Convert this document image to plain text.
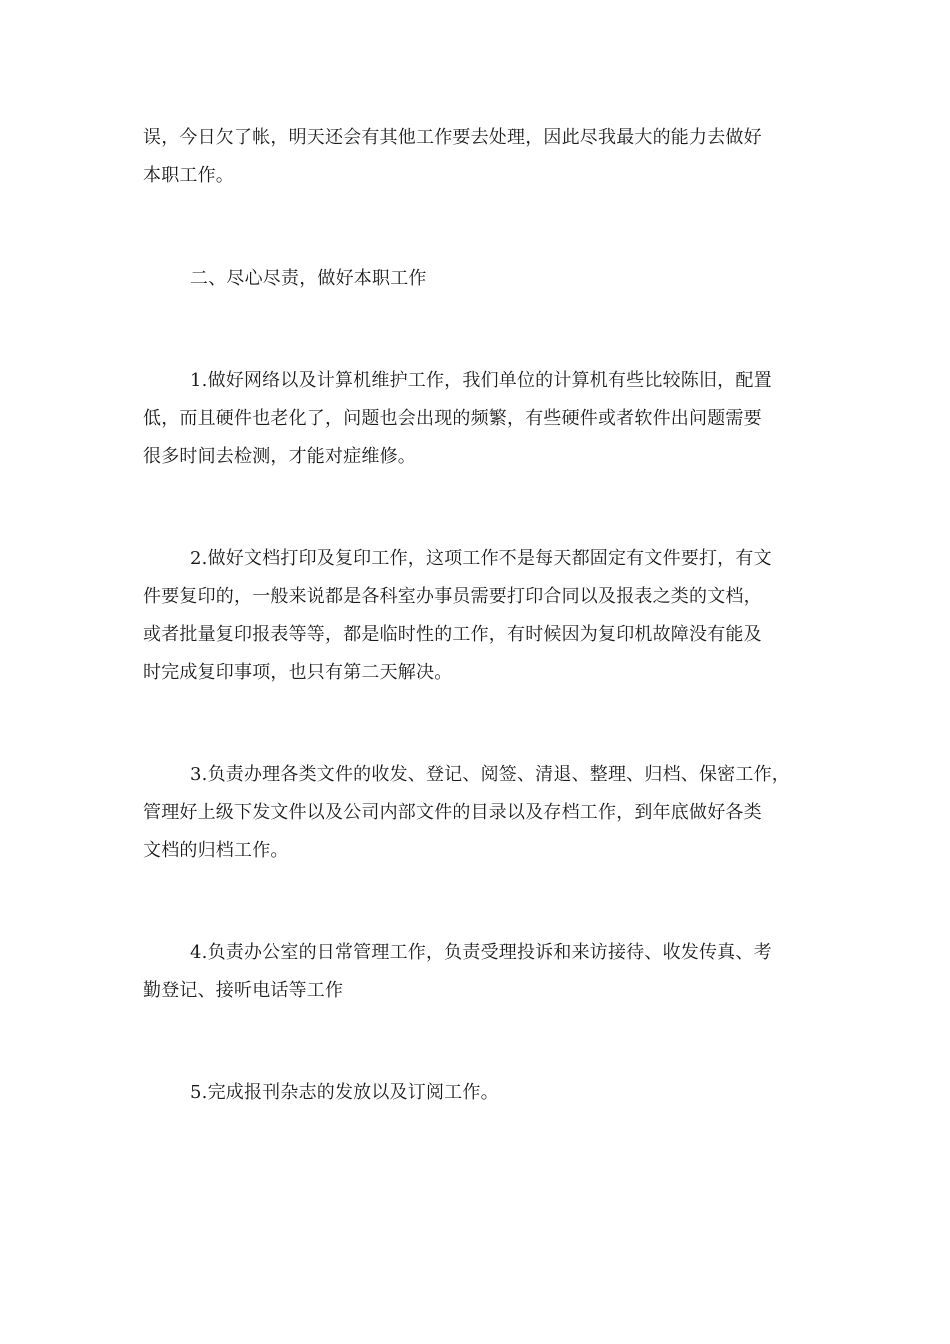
误，今日欠了帐，明天还会有其他工作要去处理，因此尽我最大的能力去做好
本职工作。
二、尽心尽责，做好本职工作
1.做好网络以及计算机维护工作，我们单位的计算机有些比较陈旧，配置
低，而且硬件也老化了，问题也会出现的频繁，有些硬件或者软件出问题需要
很多时间去检测，才能对症维修。
2.做好文档打印及复印工作，这项工作不是每天都固定有文件要打，有文
件要复印的，一般来说都是各科室办事员需要打印合同以及报表之类的文档，
或者批量复印报表等等，都是临时性的工作，有时候因为复印机故障没有能及
时完成复印事项，也只有第二天解决。
3.负责办理各类文件的收发、登记、阅签、清退、整理、归档、保密工作，
管理好上级下发文件以及公司内部文件的目录以及存档工作，到年底做好各类
文档的归档工作。
4.负责办公室的日常管理工作，负责受理投诉和来访接待、收发传真、考
勤登记、接听电话等工作
5.完成报刊杂志的发放以及订阅工作。
